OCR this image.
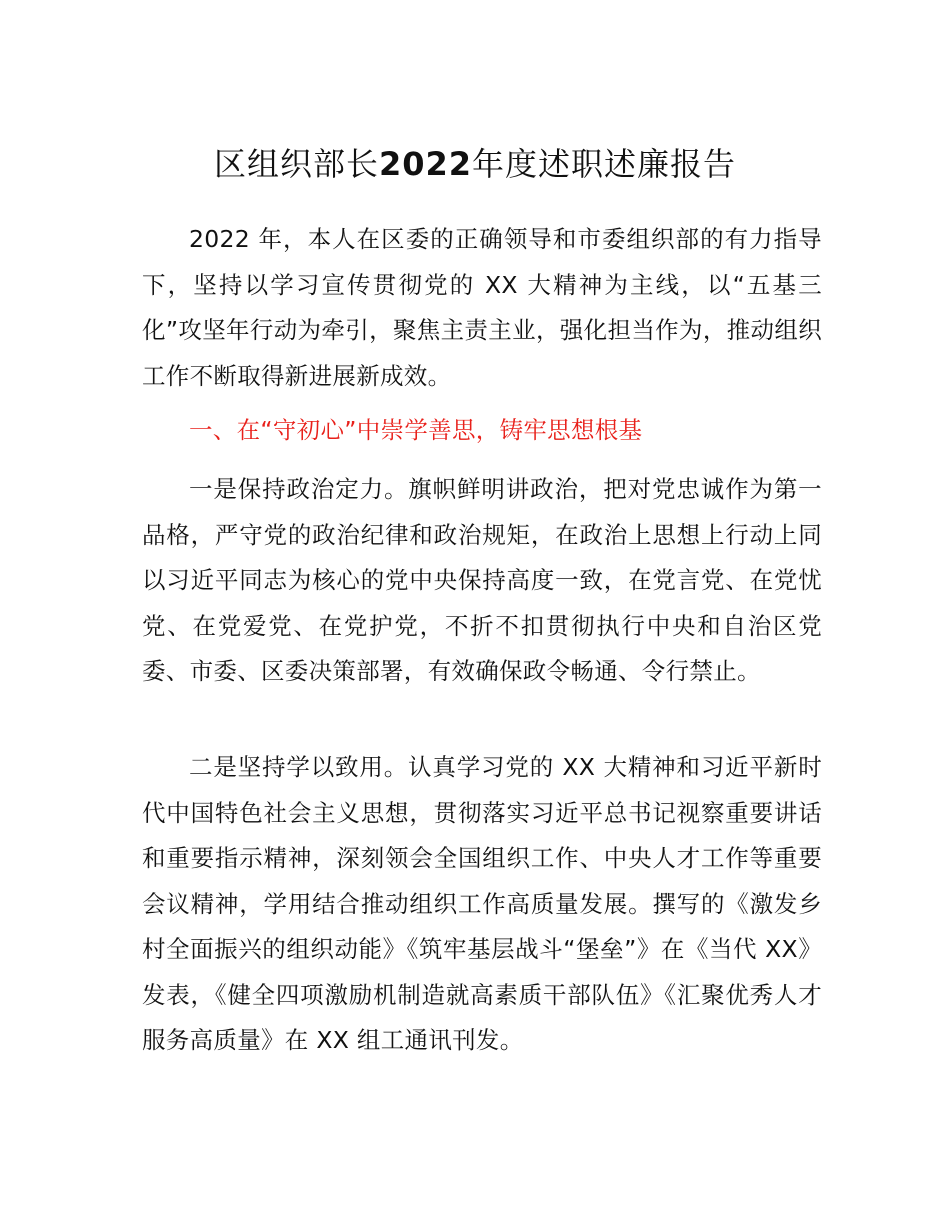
区组织部长2022年度述职述廉报告

2022 年，本人在区委的正确领导和市委组织部的有力指导下，坚持以学习宣传贯彻党的 XX 大精神为主线，以“五基三化”攻坚年行动为牵引，聚焦主责主业，强化担当作为，推动组织工作不断取得新进展新成效。

一、在“守初心”中崇学善思，铸牢思想根基

一是保持政治定力。旗帜鲜明讲政治，把对党忠诚作为第一品格，严守党的政治纪律和政治规矩，在政治上思想上行动上同以习近平同志为核心的党中央保持高度一致，在党言党、在党忧党、在党爱党、在党护党，不折不扣贯彻执行中央和自治区党委、市委、区委决策部署，有效确保政令畅通、令行禁止。

二是坚持学以致用。认真学习党的 XX 大精神和习近平新时代中国特色社会主义思想，贯彻落实习近平总书记视察重要讲话和重要指示精神，深刻领会全国组织工作、中央人才工作等重要会议精神，学用结合推动组织工作高质量发展。撰写的《激发乡村全面振兴的组织动能》《筑牢基层战斗“堡垒”》在《当代 XX》发表，《健全四项激励机制造就高素质干部队伍》《汇聚优秀人才服务高质量》在 XX 组工通讯刊发。
